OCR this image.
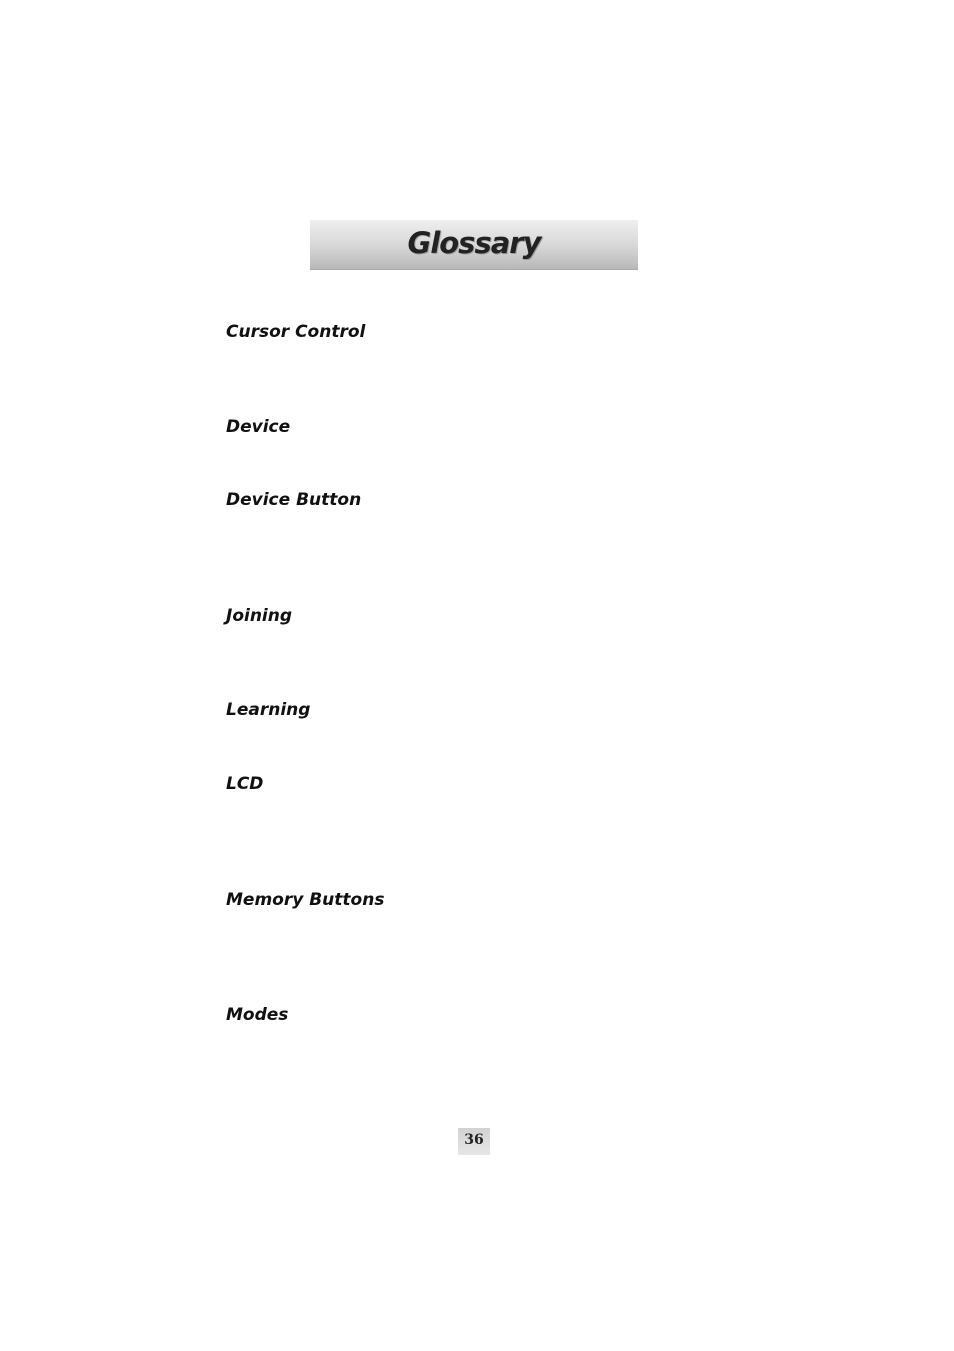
Glossary
Cursor Control
Device
Device Button
Joining
Learning
LCD
Memory Buttons
Modes
36
